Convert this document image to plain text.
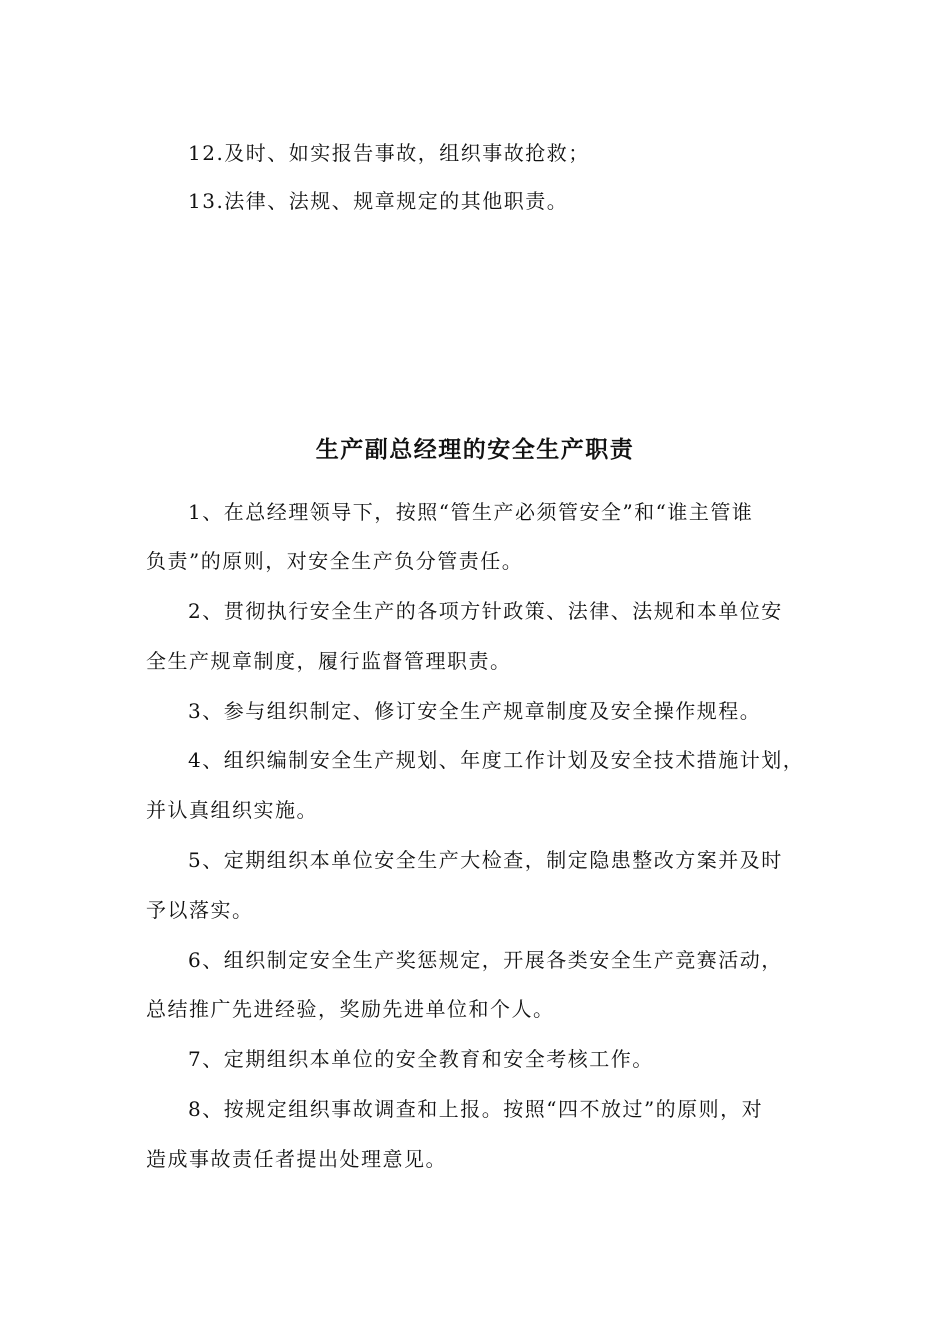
12.及时、如实报告事故，组织事故抢救；
13.法律、法规、规章规定的其他职责。
生产副总经理的安全生产职责
1、在总经理领导下，按照“管生产必须管安全”和“谁主管谁
负责”的原则，对安全生产负分管责任。
2、贯彻执行安全生产的各项方针政策、法律、法规和本单位安
全生产规章制度，履行监督管理职责。
3、参与组织制定、修订安全生产规章制度及安全操作规程。
4、组织编制安全生产规划、年度工作计划及安全技术措施计划，
并认真组织实施。
5、定期组织本单位安全生产大检查，制定隐患整改方案并及时
予以落实。
6、组织制定安全生产奖惩规定，开展各类安全生产竞赛活动，
总结推广先进经验，奖励先进单位和个人。
7、定期组织本单位的安全教育和安全考核工作。
8、按规定组织事故调查和上报。按照“四不放过”的原则，对
造成事故责任者提出处理意见。
